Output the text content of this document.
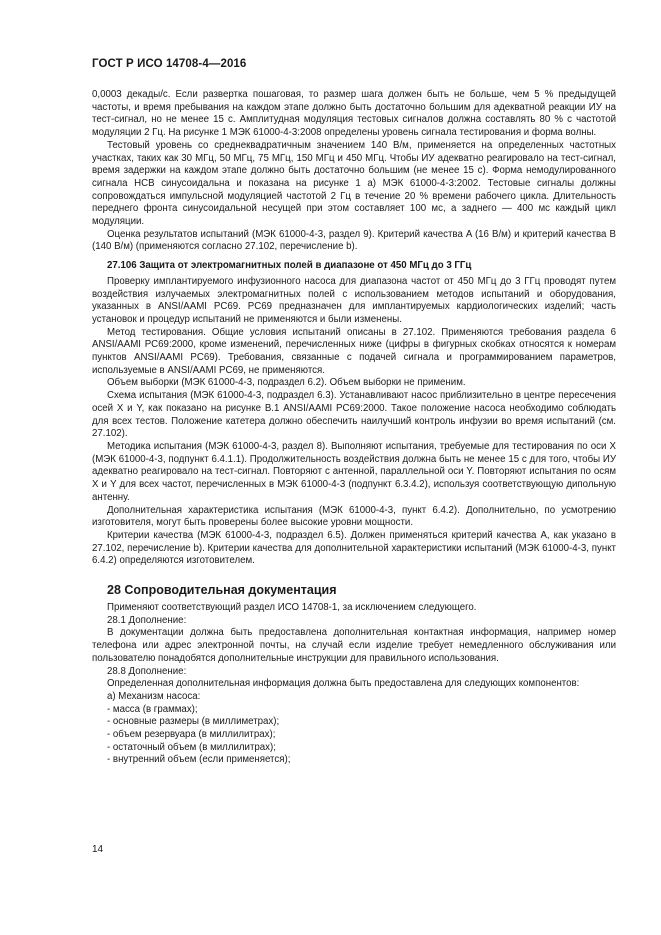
ГОСТ Р ИСО 14708-4—2016

0,0003 декады/с. Если развертка пошаговая, то размер шага должен быть не больше, чем 5 % предыдущей частоты, и время пребывания на каждом этапе должно быть достаточно большим для адекватной реакции ИУ на тест-сигнал, но не менее 15 с. Амплитудная модуляция тестовых сигналов должна составлять 80 % с частотой модуляции 2 Гц. На рисунке 1 МЭК 61000-4-3:2008 определены уровень сигнала тестирования и форма волны.

Тестовый уровень со среднеквадратичным значением 140 В/м, применяется на определенных частотных участках, таких как 30 МГц, 50 МГц, 75 МГц, 150 МГц и 450 МГц. Чтобы ИУ адекватно реагировало на тест-сигнал, время задержки на каждом этапе должно быть достаточно большим (не менее 15 с). Форма немодулированного сигнала НСВ синусоидальна и показана на рисунке 1 а) МЭК 61000-4-3:2002. Тестовые сигналы должны сопровождаться импульсной модуляцией частотой 2 Гц в течение 20 % времени рабочего цикла. Длительность переднего фронта синусоидальной несущей при этом составляет 100 мс, а заднего — 400 мс каждый цикл модуляции.

Оценка результатов испытаний (МЭК 61000-4-3, раздел 9). Критерий качества A (16 В/м) и критерий качества B (140 В/м) (применяются согласно 27.102, перечисление b).

27.106 Защита от электромагнитных полей в диапазоне от 450 МГц до 3 ГГц

Проверку имплантируемого инфузионного насоса для диапазона частот от 450 МГц до 3 ГГц проводят путем воздействия излучаемых электромагнитных полей с использованием методов испытаний и оборудования, указанных в ANSI/AAMI PC69. PC69 предназначен для имплантируемых кардиологических изделий; часть установок и процедур испытаний не применяются и были изменены.

Метод тестирования. Общие условия испытаний описаны в 27.102. Применяются требования раздела 6 ANSI/AAMI PC69:2000, кроме изменений, перечисленных ниже (цифры в фигурных скобках относятся к номерам пунктов ANSI/AAMI PC69). Требования, связанные с подачей сигнала и программированием параметров, используемые в ANSI/AAMI PC69, не применяются.

Объем выборки (МЭК 61000-4-3, подраздел 6.2). Объем выборки не применим.

Схема испытания (МЭК 61000-4-3, подраздел 6.3). Устанавливают насос приблизительно в центре пересечения осей X и Y, как показано на рисунке В.1 ANSI/AAMI PC69:2000. Такое положение насоса необходимо соблюдать для всех тестов. Положение катетера должно обеспечить наилучший контроль инфузии во время испытаний (см. 27.102).

Методика испытания (МЭК 61000-4-3, раздел 8). Выполняют испытания, требуемые для тестирования по оси X (МЭК 61000-4-3, подпункт 6.4.1.1). Продолжительность воздействия должна быть не менее 15 с для того, чтобы ИУ адекватно реагировало на тест-сигнал. Повторяют с антенной, параллельной оси Y. Повторяют испытания по осям X и Y для всех частот, перечисленных в МЭК 61000-4-3 (подпункт 6.3.4.2), используя соответствующую дипольную антенну.

Дополнительная характеристика испытания (МЭК 61000-4-3, пункт 6.4.2). Дополнительно, по усмотрению изготовителя, могут быть проверены более высокие уровни мощности.

Критерии качества (МЭК 61000-4-3, подраздел 6.5). Должен применяться критерий качества A, как указано в 27.102, перечисление b). Критерии качества для дополнительной характеристики испытаний (МЭК 61000-4-3, пункт 6.4.2) определяются изготовителем.

28 Сопроводительная документация

Применяют соответствующий раздел ИСО 14708-1, за исключением следующего.

28.1 Дополнение:

В документации должна быть предоставлена дополнительная контактная информация, например номер телефона или адрес электронной почты, на случай если изделие требует немедленного обслуживания или пользователю понадобятся дополнительные инструкции для правильного использования.

28.8 Дополнение:

Определенная дополнительная информация должна быть предоставлена для следующих компонентов:

а) Механизм насоса:

- масса (в граммах);

- основные размеры (в миллиметрах);

- объем резервуара (в миллилитрах);

- остаточный объем (в миллилитрах);

- внутренний объем (если применяется);

14
